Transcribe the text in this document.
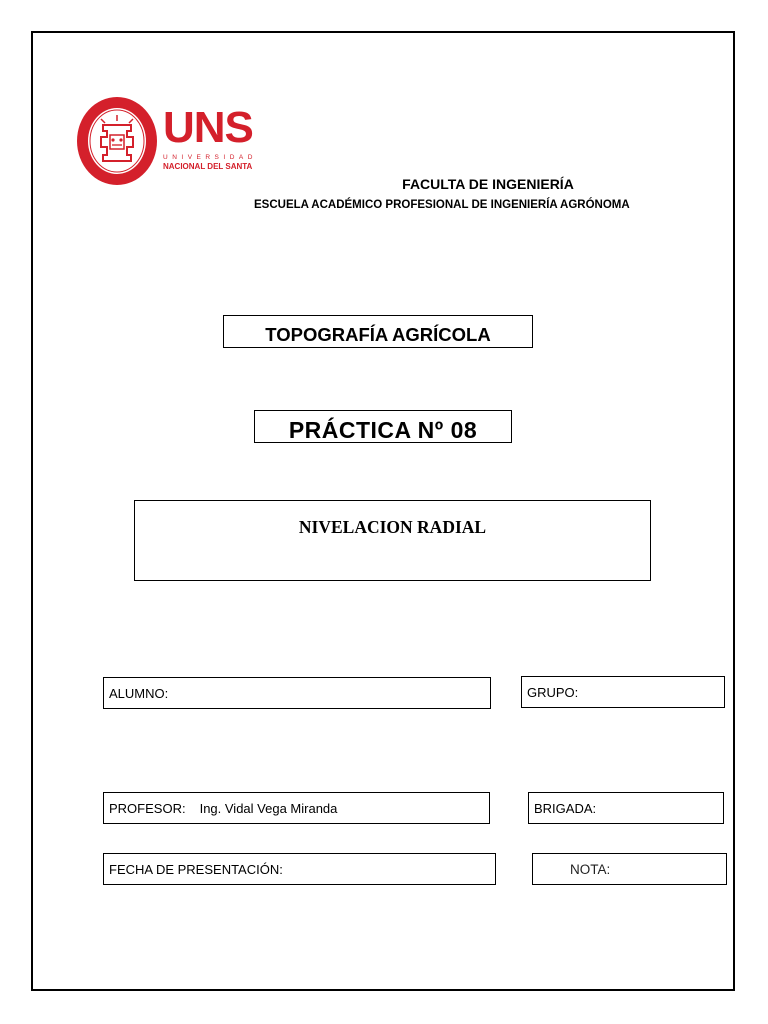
UNS
UNIVERSIDAD
NACIONAL DEL SANTA
FACULTA DE INGENIERÍA
ESCUELA ACADÉMICO PROFESIONAL DE INGENIERÍA AGRÓNOMA
TOPOGRAFÍA AGRÍCOLA
PRÁCTICA Nº 08
NIVELACION RADIAL
ALUMNO:	GRUPO:
PROFESOR: Ing. Vidal Vega Miranda	BRIGADA:
FECHA DE PRESENTACIÓN:	NOTA:
